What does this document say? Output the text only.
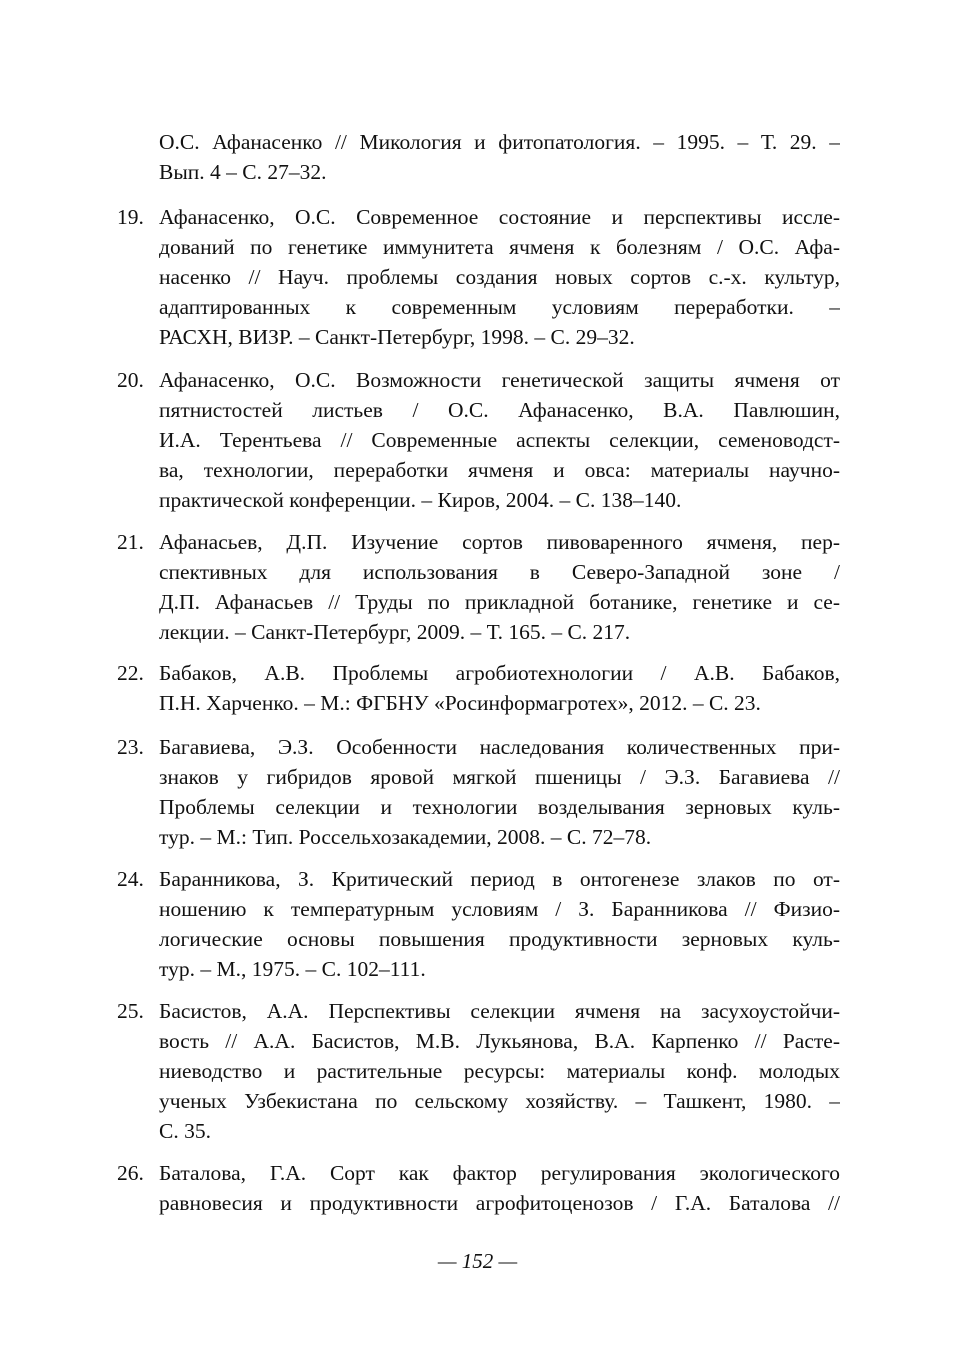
О.С. Афанасенко // Микология и фитопатология. – 1995. – Т. 29. –
Вып. 4 – С. 27–32.
19. Афанасенко, О.С. Современное состояние и перспективы иссле-
дований по генетике иммунитета ячменя к болезням / О.С. Афа-
насенко // Науч. проблемы создания новых сортов с.-х. культур,
адаптированных к современным условиям переработки. –
РАСХН, ВИЗР. – Санкт-Петербург, 1998. – С. 29–32.
20. Афанасенко, О.С. Возможности генетической защиты ячменя от
пятнистостей листьев / О.С. Афанасенко, В.А. Павлюшин,
И.А. Терентьева // Современные аспекты селекции, семеноводст-
ва, технологии, переработки ячменя и овса: материалы научно-
практической конференции. – Киров, 2004. – С. 138–140.
21. Афанасьев, Д.П. Изучение сортов пивоваренного ячменя, пер-
спективных для использования в Северо-Западной зоне /
Д.П. Афанасьев // Труды по прикладной ботанике, генетике и се-
лекции. – Санкт-Петербург, 2009. – Т. 165. – С. 217.
22. Бабаков, А.В. Проблемы агробиотехнологии / А.В. Бабаков,
П.Н. Харченко. – М.: ФГБНУ «Росинформагротех», 2012. – С. 23.
23. Багавиева, Э.З. Особенности наследования количественных при-
знаков у гибридов яровой мягкой пшеницы / Э.З. Багавиева //
Проблемы селекции и технологии возделывания зерновых куль-
тур. – М.: Тип. Россельхозакадемии, 2008. – С. 72–78.
24. Баранникова, З. Критический период в онтогенезе злаков по от-
ношению к температурным условиям / З. Баранникова // Физио-
логические основы повышения продуктивности зерновых куль-
тур. – М., 1975. – С. 102–111.
25. Басистов, А.А. Перспективы селекции ячменя на засухоустойчи-
вость // А.А. Басистов, М.В. Лукьянова, В.А. Карпенко // Расте-
ниеводство и растительные ресурсы: материалы конф. молодых
ученых Узбекистана по сельскому хозяйству. – Ташкент, 1980. –
С. 35.
26. Баталова, Г.А. Сорт как фактор регулирования экологического
равновесия и продуктивности агрофитоценозов / Г.А. Баталова //
— 152 —
